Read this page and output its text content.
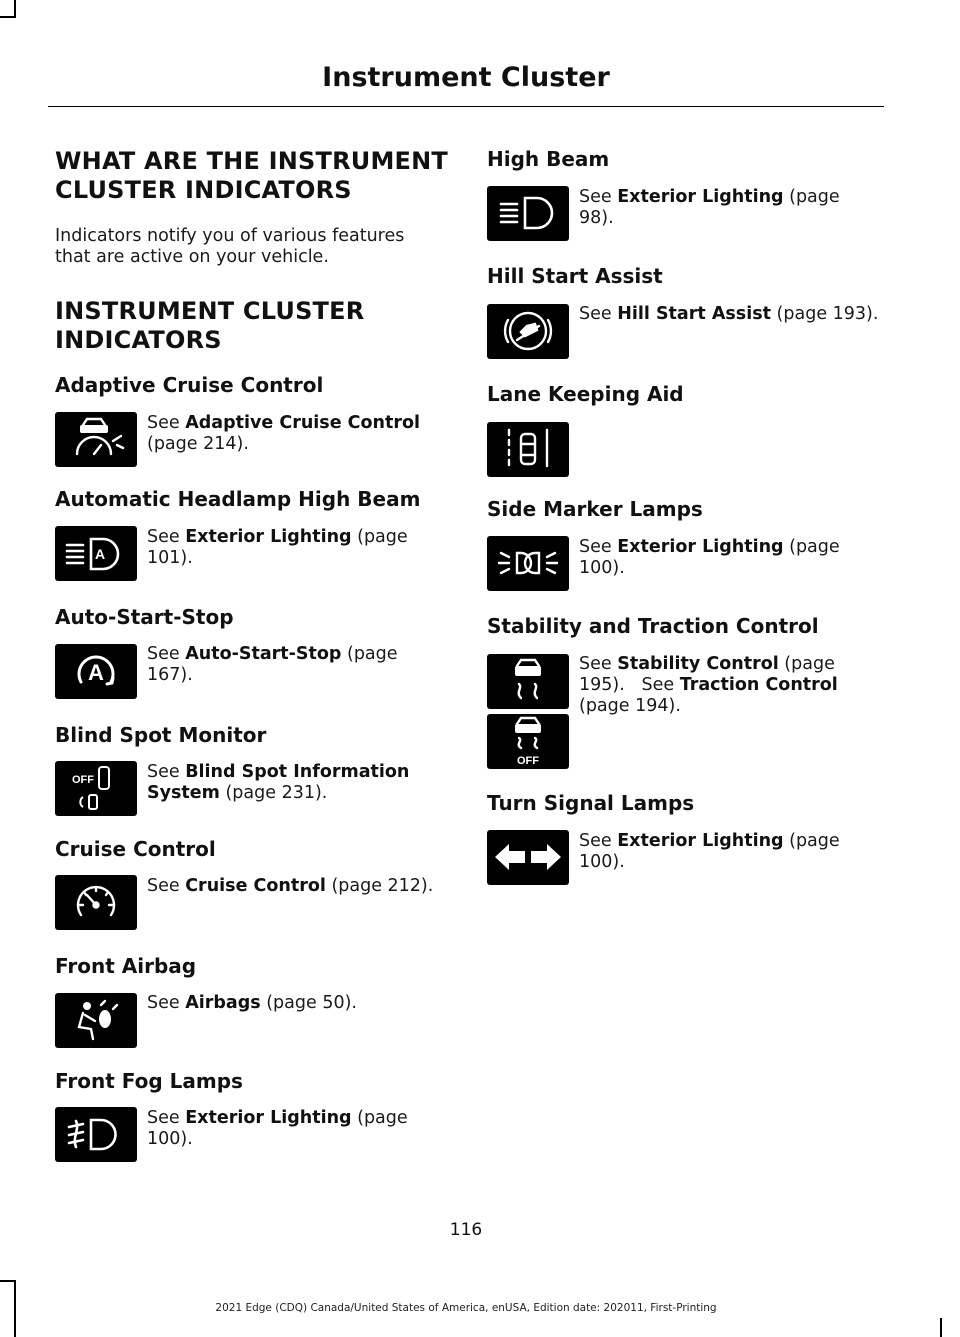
Instrument Cluster
WHAT ARE THE INSTRUMENT CLUSTER INDICATORS
Indicators notify you of various features that are active on your vehicle.
INSTRUMENT CLUSTER INDICATORS
Adaptive Cruise Control
See Adaptive Cruise Control (page 214).
Automatic Headlamp High Beam
A
See Exterior Lighting (page 101).
Auto-Start-Stop
A
See Auto-Start-Stop (page 167).
Blind Spot Monitor
OFF	See Blind Spot Information System (page 231).
Cruise Control
See Cruise Control (page 212).
Front Airbag
See Airbags (page 50).
Front Fog Lamps
See Exterior Lighting (page 100).
High Beam
See Exterior Lighting (page 98).
Hill Start Assist
See Hill Start Assist (page 193).
Lane Keeping Aid
Side Marker Lamps
See Exterior Lighting (page 100).
Stability and Traction Control
OFF
See Stability Control (page 195).   See Traction Control (page 194).
Turn Signal Lamps
See Exterior Lighting (page 100).
116
2021 Edge (CDQ) Canada/United States of America, enUSA, Edition date: 202011, First-Printing
